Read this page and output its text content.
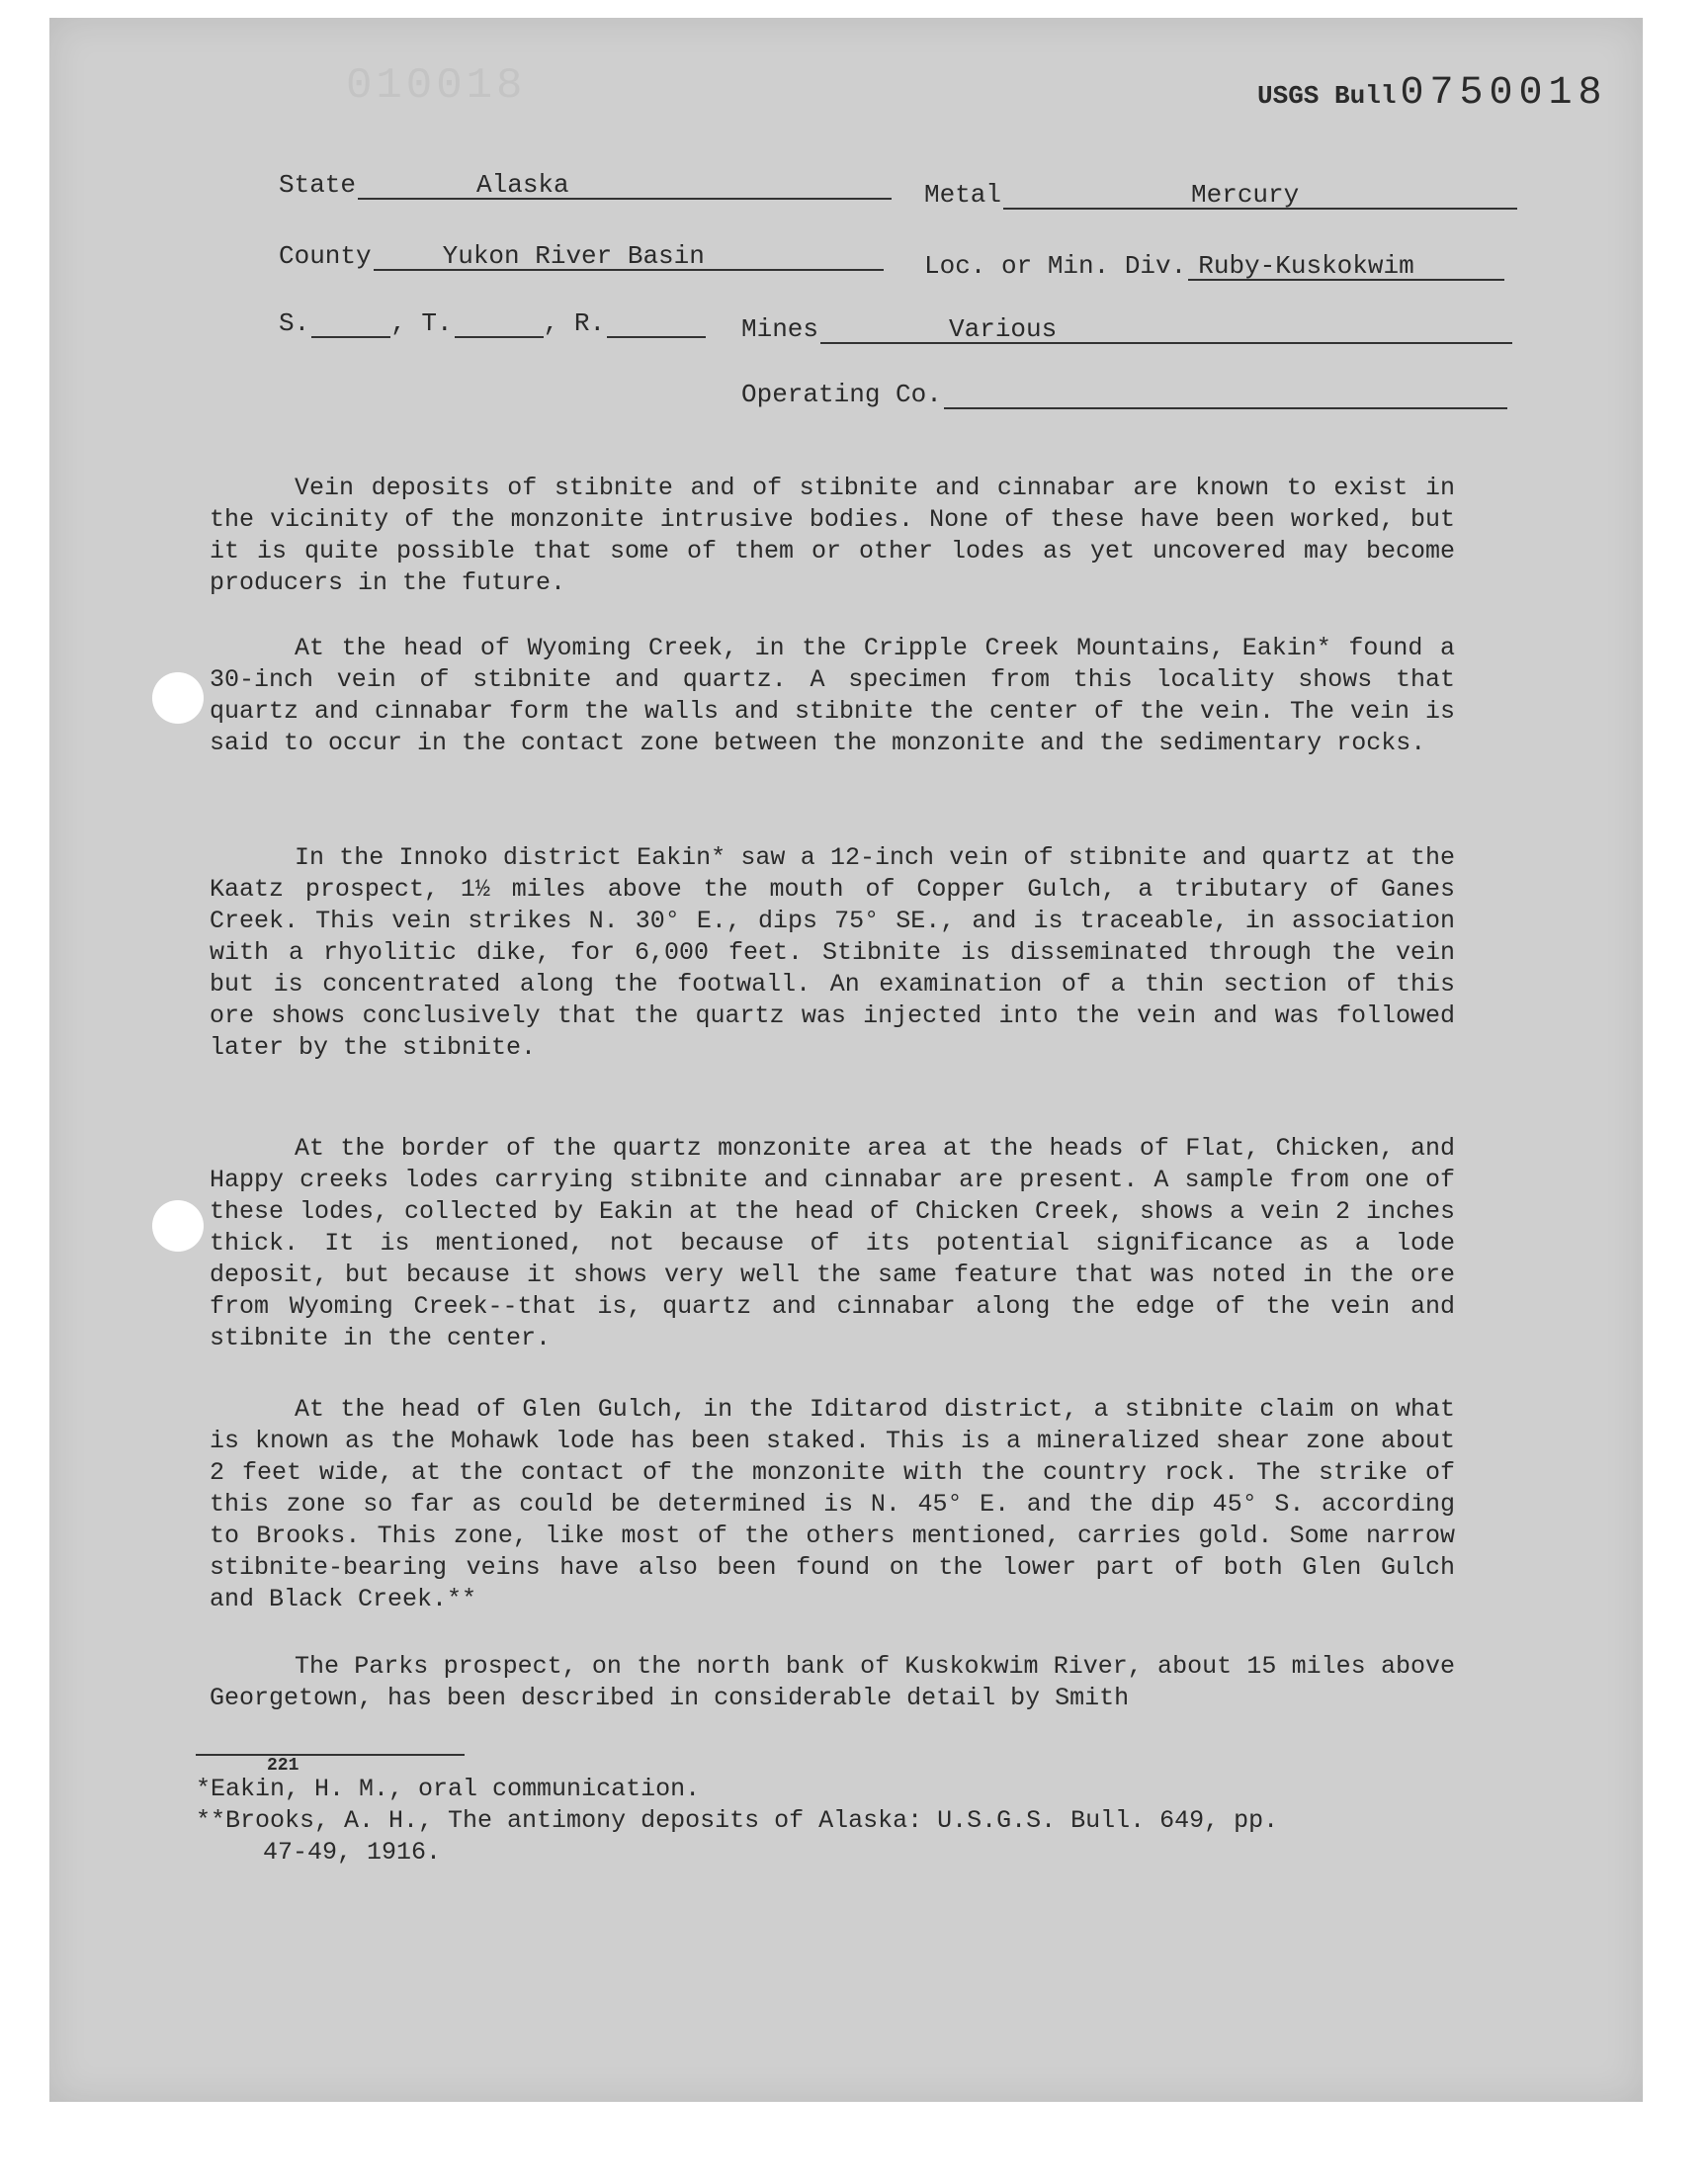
010018	USGS Bull 0750018
State	Alaska	Metal	Mercury
County	Yukon River Basin	Loc. or Min. Div. Ruby-Kuskokwim
S.	, T.	, R.	Mines	Various
Operating Co.

Vein deposits of stibnite and of stibnite and cinnabar are known to exist in the vicinity of the monzonite intrusive bodies. None of these have been worked, but it is quite possible that some of them or other lodes as yet uncovered may become producers in the future.

At the head of Wyoming Creek, in the Cripple Creek Mountains, Eakin* found a 30-inch vein of stibnite and quartz. A specimen from this locality shows that quartz and cinnabar form the walls and stibnite the center of the vein. The vein is said to occur in the contact zone between the monzonite and the sedimentary rocks.

In the Innoko district Eakin* saw a 12-inch vein of stibnite and quartz at the Kaatz prospect, 1½ miles above the mouth of Copper Gulch, a tributary of Ganes Creek. This vein strikes N. 30° E., dips 75° SE., and is traceable, in association with a rhyolitic dike, for 6,000 feet. Stibnite is disseminated through the vein but is concentrated along the footwall. An examination of a thin section of this ore shows conclusively that the quartz was injected into the vein and was followed later by the stibnite.

At the border of the quartz monzonite area at the heads of Flat, Chicken, and Happy creeks lodes carrying stibnite and cinnabar are present. A sample from one of these lodes, collected by Eakin at the head of Chicken Creek, shows a vein 2 inches thick. It is mentioned, not because of its potential significance as a lode deposit, but because it shows very well the same feature that was noted in the ore from Wyoming Creek--that is, quartz and cinnabar along the edge of the vein and stibnite in the center.

At the head of Glen Gulch, in the Iditarod district, a stibnite claim on what is known as the Mohawk lode has been staked. This is a mineralized shear zone about 2 feet wide, at the contact of the monzonite with the country rock. The strike of this zone so far as could be determined is N. 45° E. and the dip 45° S. according to Brooks. This zone, like most of the others mentioned, carries gold. Some narrow stibnite-bearing veins have also been found on the lower part of both Glen Gulch and Black Creek.**

The Parks prospect, on the north bank of Kuskokwim River, about 15 miles above Georgetown, has been described in considerable detail by Smith

221
*Eakin, H. M., oral communication.
**Brooks, A. H., The antimony deposits of Alaska: U.S.G.S. Bull. 649, pp.
47-49, 1916.
